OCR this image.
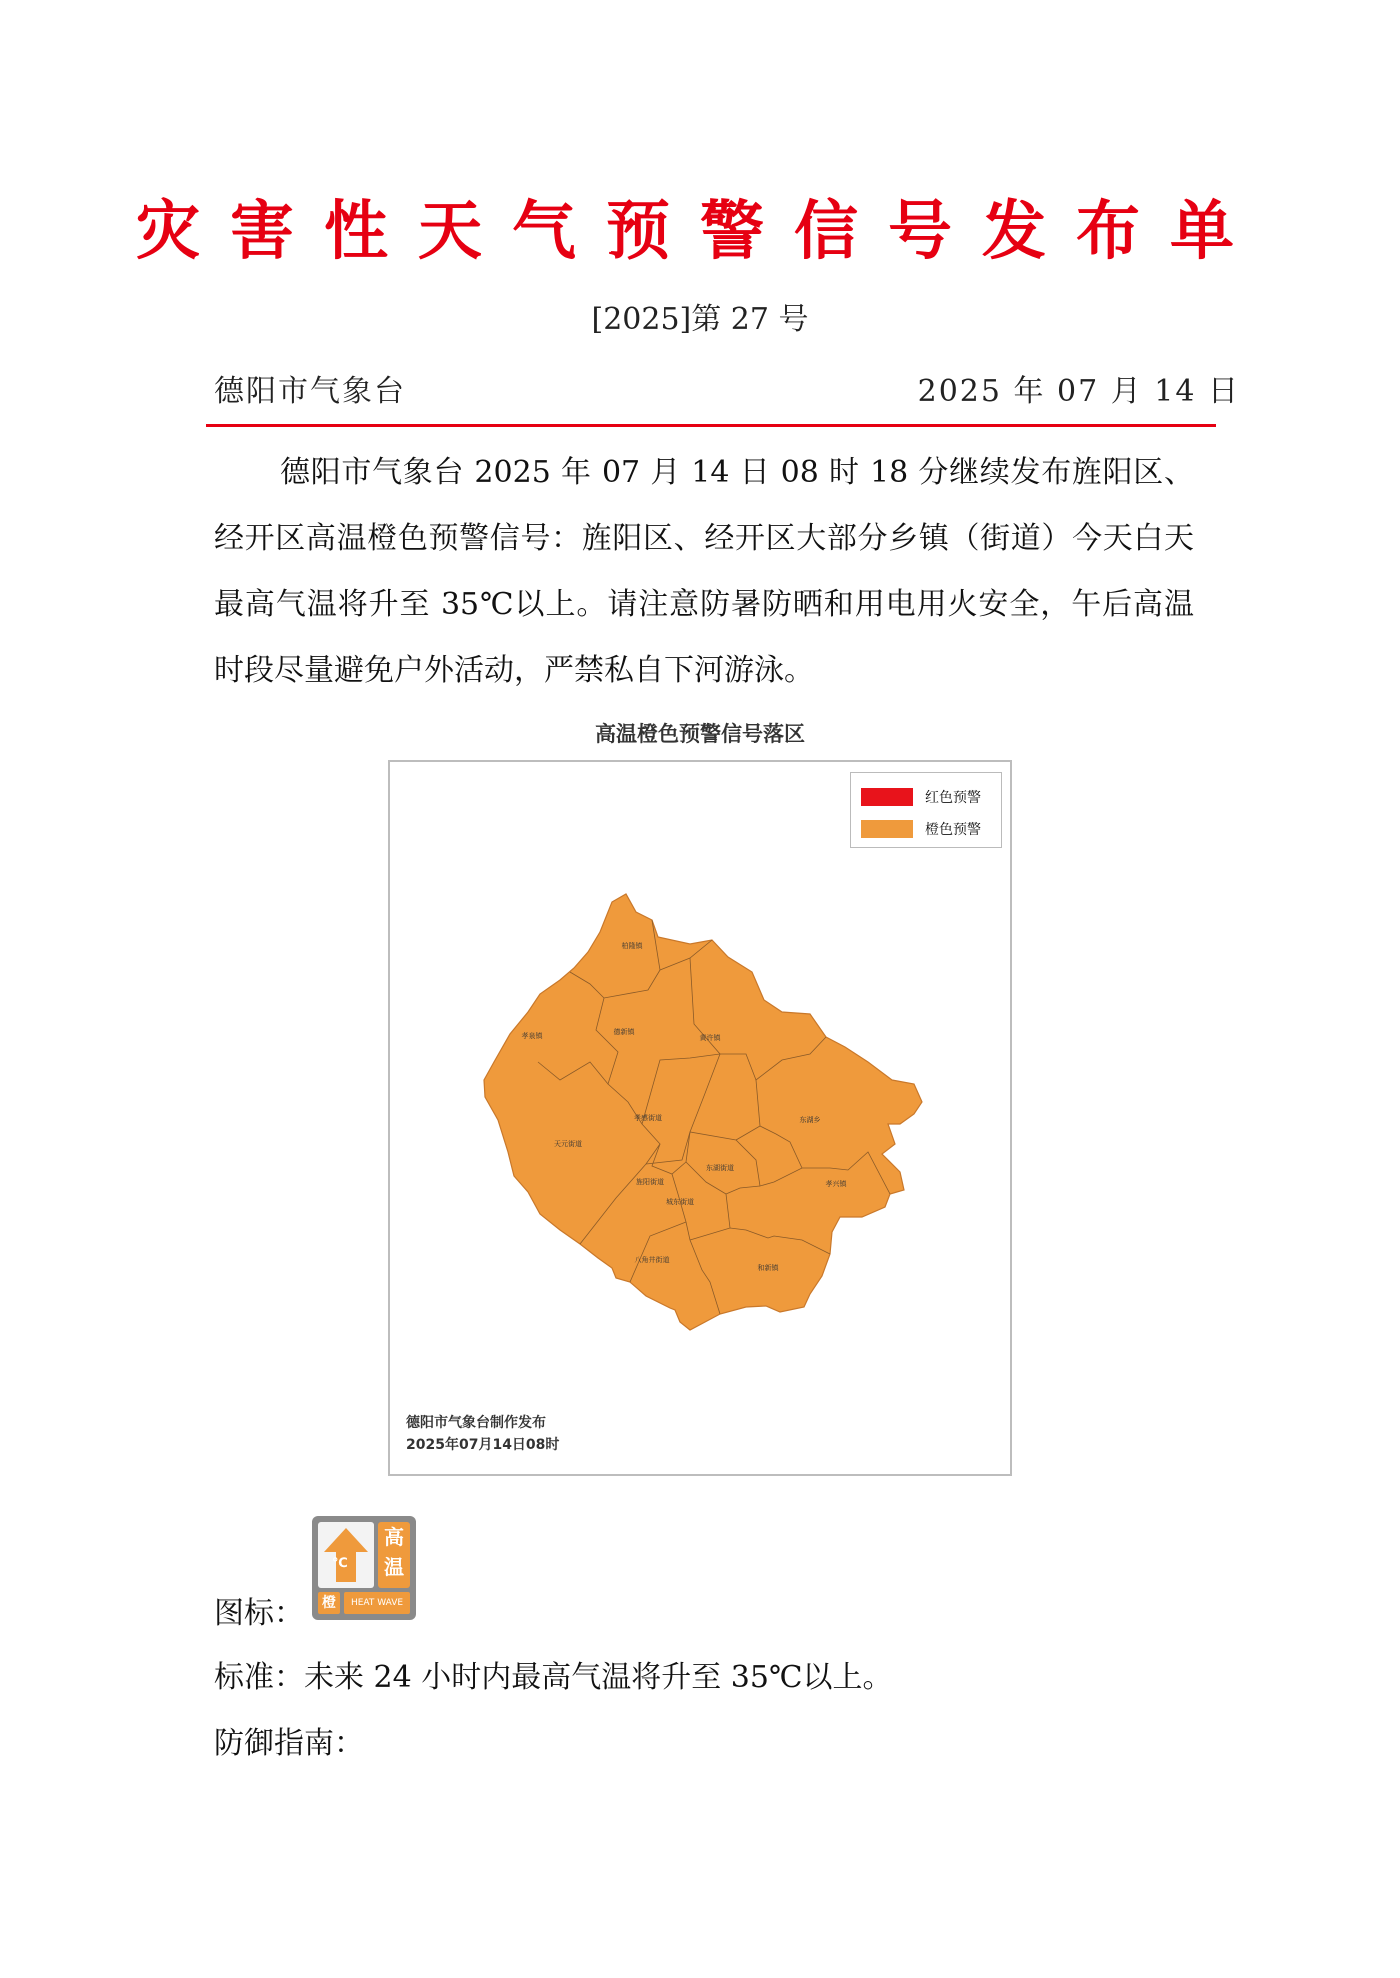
灾害性天气预警信号发布单
[2025]第 27 号
德阳市气象台	2025 年 07 月 14 日
德阳市气象台 2025 年 07 月 14 日 08 时 18 分继续发布旌阳区、经开区高温橙色预警信号：旌阳区、经开区大部分乡镇（街道）今天白天最高气温将升至 35℃以上。请注意防暑防晒和用电用火安全，午后高温时段尽量避免户外活动，严禁私自下河游泳。
高温橙色预警信号落区
柏隆镇
孝泉镇	德新镇
黄许镇
孝感街道	东湖乡
天元街道
旌阳街道
东湖街道
城东街道
孝兴镇
八角井街道
和新镇
红色预警
橙色预警
德阳市气象台制作发布
2025年07月14日08时
图标：
℃
高
温
橙	HEAT WAVE
标准：未来 24 小时内最高气温将升至 35℃以上。
防御指南：
